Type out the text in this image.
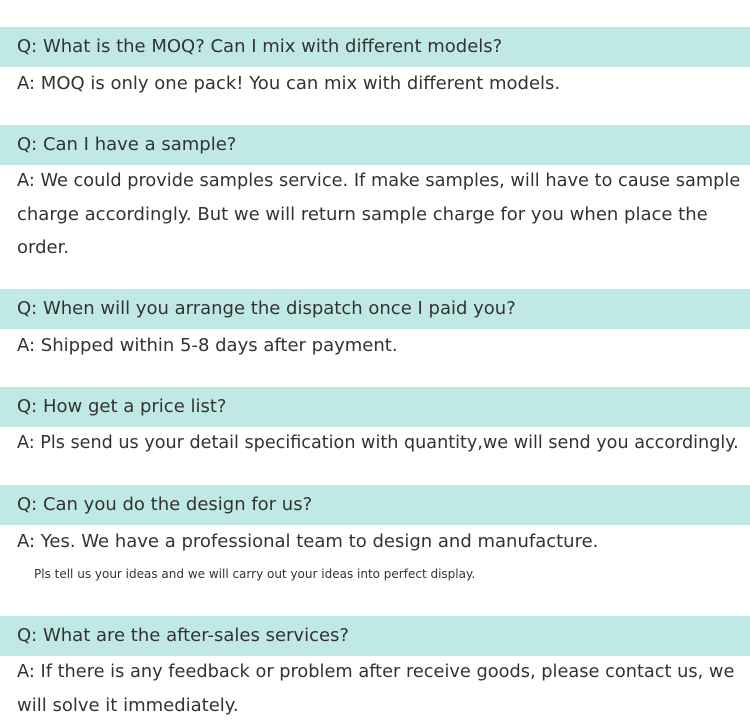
Q: What is the MOQ? Can I mix with different models?
A: MOQ is only one pack! You can mix with different models.
Q: Can I have a sample?
A: We could provide samples service. If make samples, will have to cause sample
charge accordingly. But we will return sample charge for you when place the
order.
Q: When will you arrange the dispatch once I paid you?
A: Shipped within 5-8 days after payment.
Q: How get a price list?
A: Pls send us your detail specification with quantity,we will send you accordingly.
Q: Can you do the design for us?
A: Yes. We have a professional team to design and manufacture.
Pls tell us your ideas and we will carry out your ideas into perfect display.
Q: What are the after-sales services?
A: If there is any feedback or problem after receive goods, please contact us, we
will solve it immediately.
